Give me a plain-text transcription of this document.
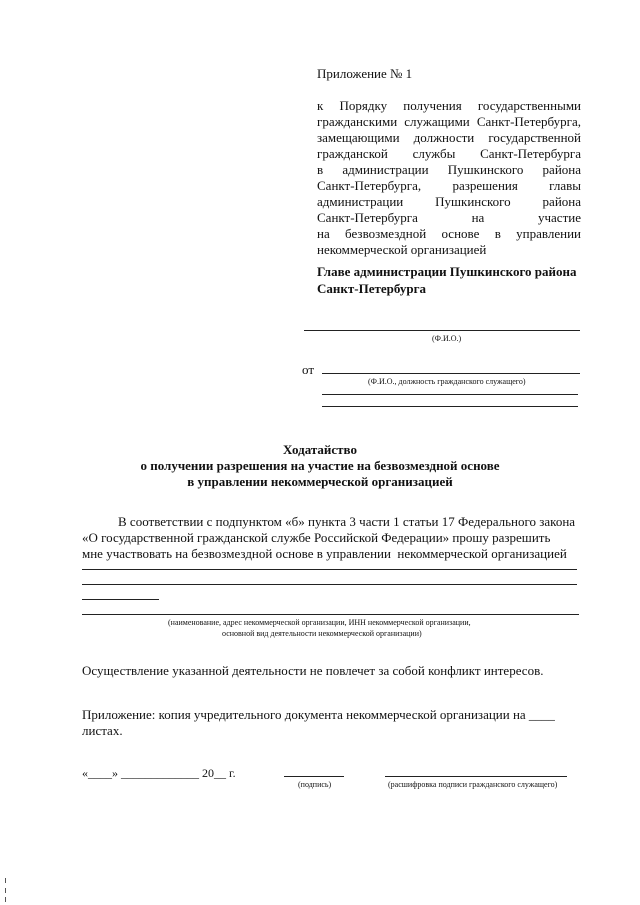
Приложение № 1
к Порядку получения государственными
гражданскими служащими Санкт-Петербурга,
замещающими должности государственной
гражданской службы Санкт-Петербурга
в администрации Пушкинского района
Санкт-Петербурга, разрешения главы
администрации Пушкинского района
Санкт-Петербурга на участие
на безвозмездной основе в управлении
некоммерческой организацией
Главе администрации Пушкинского района
Санкт-Петербурга
(Ф.И.О.)
от
(Ф.И.О., должность гражданского служащего)
Ходатайство
о получении разрешения на участие на безвозмездной основе
в управлении некоммерческой организацией
В соответствии с подпунктом «б» пункта 3 части 1 статьи 17 Федерального закона
«О государственной гражданской службе Российской Федерации» прошу разрешить
мне участвовать на безвозмездной основе в управлении  некоммерческой организацией
(наименование, адрес некоммерческой организации, ИНН некоммерческой организации,
основной вид деятельности некоммерческой организации)
Осуществление указанной деятельности не повлечет за собой конфликт интересов.
Приложение: копия учредительного документа некоммерческой организации на ____
листах.
«____» _____________ 20__ г.
(подпись)	(расшифровка подписи гражданского служащего)
